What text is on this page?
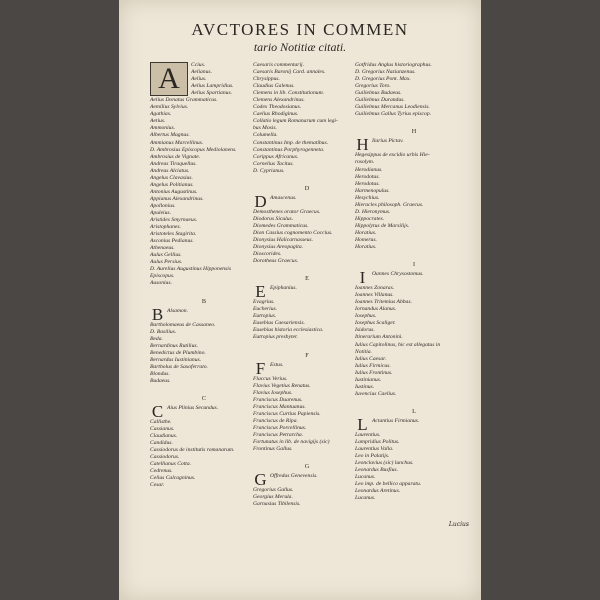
AVCTORES IN COMMEN
tario Notitiæ citati.
A	Ccius.
Aelianus.
Aelius.
Aelius Lampridius.
Aelius Spartianus.
Aelius Donatus Grammaticus.
Aemilius Sylvius.
Agathias.
Aetius.
Ammonius.
Albertus Magnus.
Ammianus Marcellinus.
D. Ambrosius Episcopus Mediolanens.
Ambrosius de Vignate.
Andreas Tiraquellus.
Andreas Alciatus.
Angelus Clavasius.
Angelus Politianus.
Antonius Augustinus.
Appianus Alexandrinus.
Apollonius.
Apuleius.
Aristides Smyrnaeus.
Aristophanes.
Aristoteles Stagirita.
Asconius Pedianus.
Athenaeus.
Aulus Gellius.
Aulus Persius.
D. Aurelius Augustinus Hipponensis
Episcopus.
Ausonius.
B
B Alsamon.
Bartholomaeus de Cassaneo.
D. Basilius.
Beda.
Bernardinus Rutilius.
Benedictus de Plumbino.
Bernardus Iustinianus.
Bartholus de Saxoferrato.
Blondus.
Budaeus.
C
C Aius Plinius Secundus.
Callisthe.
Cassianus.
Claudianus.
Candidus.
Cassiodorus de institutis romanarum.
Cassiodorus.
Catellianus Cotta.
Cedrenus.
Celius Calcagninus.
Cesar.
Caesaris commentarij.
Caesaris Baronij Card. annales.
Chrysippus.
Claudius Galenus.
Clemens in lib. Constitutionum.
Clemens Alexandrinus.
Codex Theodosianus.
Caelius Rhodiginus.
Collatio legum Romanarum cum legi-
bus Mosis.
Columella.
Constantinus Imp. de thematibus.
Constantinus Porphyrogenneta.
Corippus Africanus.
Cornelius Tacitus.
D. Cyprianus.
D
D Amascenus.
Demosthenes orator Graecus.
Diodorus Siculus.
Diomedes Grammaticus.
Dion Cassius cognomento Coccius.
Dionysius Halicarnasseus.
Dionysius Areopagita.
Dioscorides.
Dorotheus Graecus.
E
E Epiphanius.
Evagrius.
Eucherius.
Eutropius.
Eusebius Caesariensis.
Eusebius historia ecclesiastica.
Eutropius presbyter.
F
F Estus.
Flaccus Verius.
Flavius Vegetius Renatus.
Flavius Iosephus.
Franciscus Duarenus.
Franciscus Mantuanus.
Franciscus Curtius Papiensis.
Franciscus de Ripa.
Franciscus Porcellinus.
Franciscus Petrarcha.
Fortunatus in lib. de navigijs (sic)
Frontinus Gallus.
G
G Offredus Genevensis.
Gregorius Gallus.
Georgius Merula.
Garnasius Tibilensis.
Gotfridus Anglus historiographus.
D. Gregorius Nazianzenus.
D. Gregorius Pont. Max.
Gregorius Toro.
Guilielmus Budaeus.
Guilielmus Durandus.
Guilielmus Mercanus Leodiensis.
Guilielmus Gallus Tyrius episcop.
H
H Ilarius Pictav.
Hegesippus de excidio urbis Hie-
rosolym.
Herodianus.
Herodotus.
Herodotus.
Harmenopulus.
Hesychius.
Hieracles philosoph. Graecus.
D. Hieronymus.
Hippocrates.
Hippolytus de Marsilijs.
Horatius.
Homerus.
Horatius.
I
I Oannes Chrysostomus.
Ioannes Zonaras.
Ioannes Villanus.
Ioannes Tritemius Abbas.
Iornandus Alanus.
Iosephus.
Iosephus Scaliger.
Isidorus.
Itinerarium Antonini.
Iulius Capitolinus, hic est allegatus in
Notitia.
Iulius Caesar.
Iulius Firmicus.
Iulius Frontinus.
Iustinianus.
Iustinus.
Iuvencius Caelius.
L
L Actantius Firmianus.
Laurentius.
Lampridius Politus.
Laurentius Valla.
Leo in Palatijs.
Leonclavius (sic) lunchus.
Leonardus Busfius.
Lucanus.
Leo imp. de bellico apparatu.
Leonardus Aretinus.
Lucanus.
Lucius
